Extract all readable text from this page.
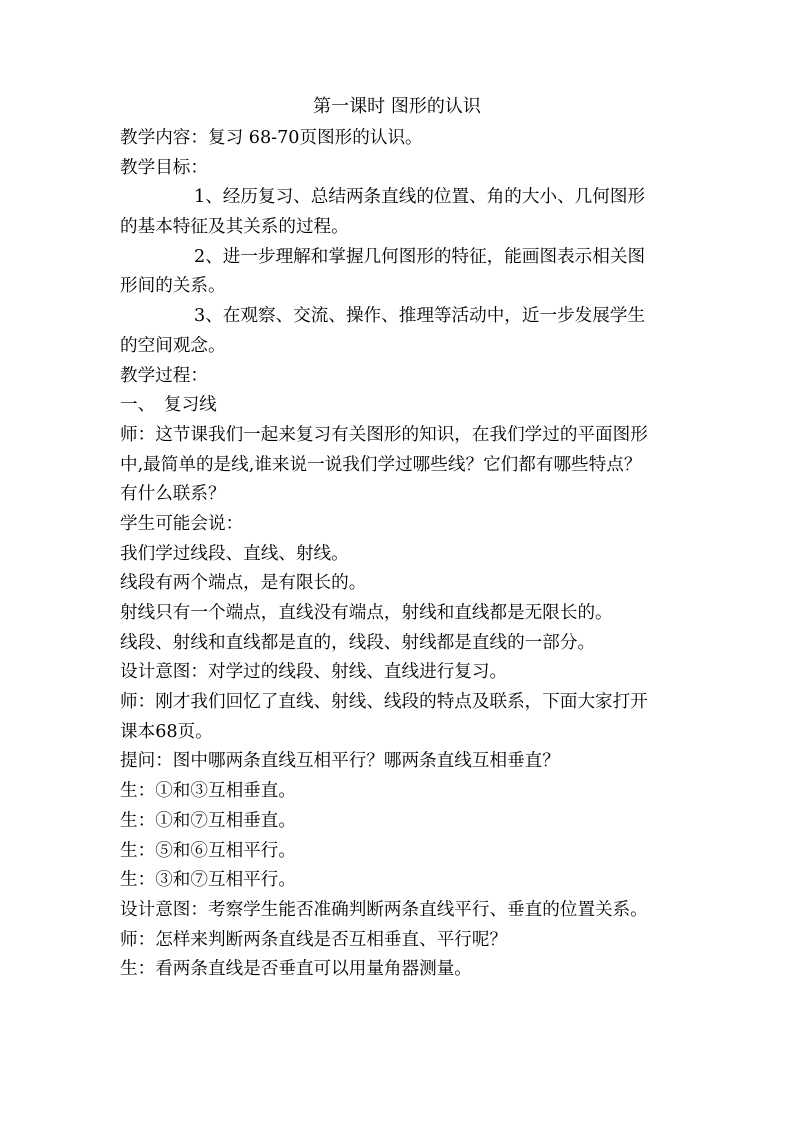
第一课时 图形的认识
教学内容：复习 68-70页图形的认识。
教学目标：
1、经历复习、总结两条直线的位置、角的大小、几何图形
的基本特征及其关系的过程。
2、进一步理解和掌握几何图形的特征，能画图表示相关图
形间的关系。
3、在观察、交流、操作、推理等活动中，近一步发展学生
的空间观念。
教学过程：
一、　复习线
师：这节课我们一起来复习有关图形的知识，在我们学过的平面图形
中,最简单的是线,谁来说一说我们学过哪些线？它们都有哪些特点？
有什么联系？
学生可能会说：
我们学过线段、直线、射线。
线段有两个端点，是有限长的。
射线只有一个端点，直线没有端点，射线和直线都是无限长的。
线段、射线和直线都是直的，线段、射线都是直线的一部分。
设计意图：对学过的线段、射线、直线进行复习。
师：刚才我们回忆了直线、射线、线段的特点及联系，下面大家打开
课本68页。
提问：图中哪两条直线互相平行？哪两条直线互相垂直？
生：①和③互相垂直。
生：①和⑦互相垂直。
生：⑤和⑥互相平行。
生：③和⑦互相平行。
设计意图：考察学生能否准确判断两条直线平行、垂直的位置关系。
师：怎样来判断两条直线是否互相垂直、平行呢？
生：看两条直线是否垂直可以用量角器测量。
